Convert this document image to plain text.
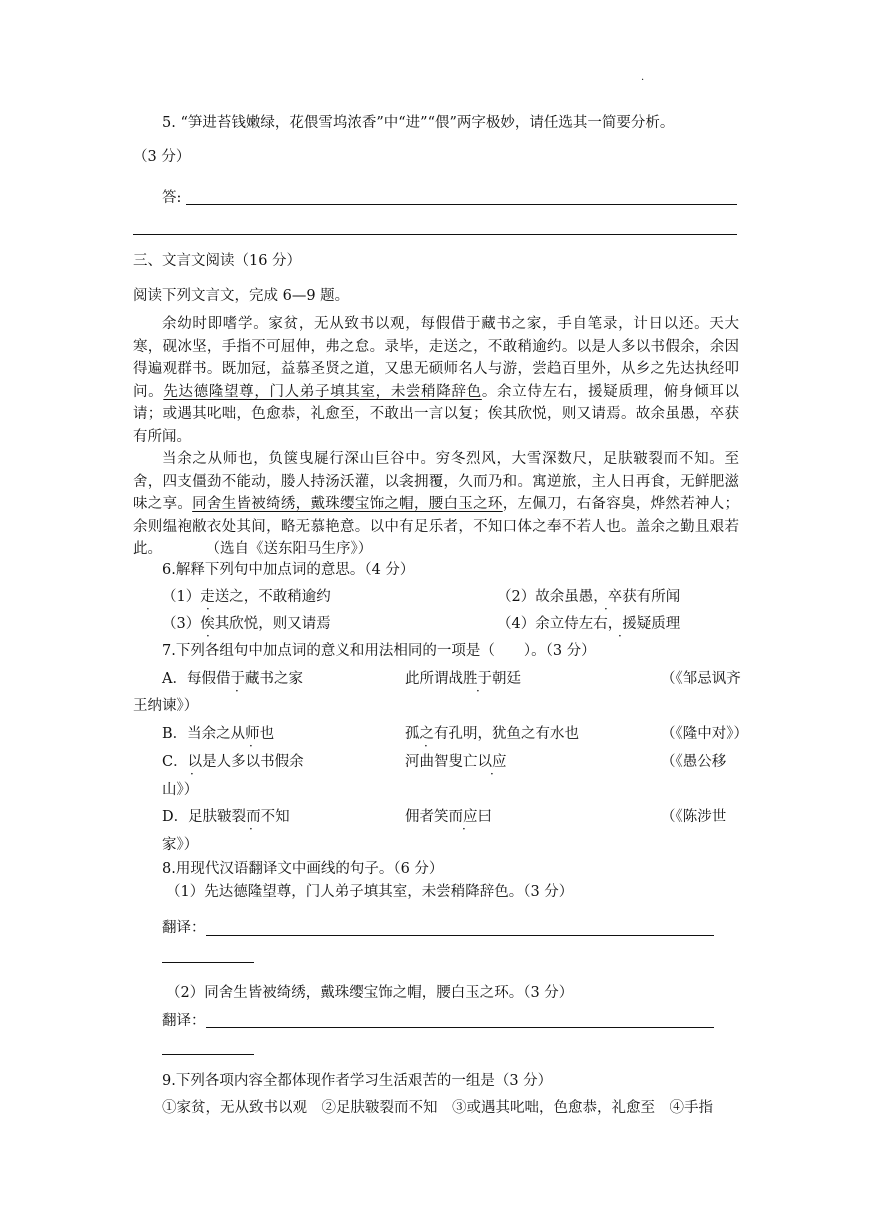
.
5. “笋进苔钱嫩绿，花偎雪坞浓香”中“进”“偎”两字极妙，请任选其一简要分析。
（3 分）
答:
三、文言文阅读（16 分）
阅读下列文言文，完成 6—9 题。
余幼时即嗜学。家贫，无从致书以观，每假借于藏书之家，手自笔录，计日以还。天大寒，砚冰坚，手指不可屈伸，弗之怠。录毕，走送之，不敢稍逾约。以是人多以书假余，余因得遍观群书。既加冠，益慕圣贤之道，又患无硕师名人与游，尝趋百里外，从乡之先达执经叩问。先达德隆望尊，门人弟子填其室，未尝稍降辞色。余立侍左右，援疑质理，俯身倾耳以请；或遇其叱咄，色愈恭，礼愈至，不敢出一言以复；俟其欣悦，则又请焉。故余虽愚，卒获有所闻。
当余之从师也，负箧曳屣行深山巨谷中。穷冬烈风，大雪深数尺，足肤皲裂而不知。至舍，四支僵劲不能动，媵人持汤沃灌，以衾拥覆，久而乃和。寓逆旅，主人日再食，无鲜肥滋味之享。同舍生皆被绮绣，戴珠缨宝饰之帽，腰白玉之环，左佩刀，右备容臭，烨然若神人；余则缊袍敝衣处其间，略无慕艳意。以中有足乐者，不知口体之奉不若人也。盖余之勤且艰若此。　　　　	（选自《送东阳马生序》）
6.解释下列句中加点词的意思。（4 分）
（1）走送之，不敢稍逾约	（2）故余虽愚，卒获有所闻
（3）俟其欣悦，则又请焉	（4）余立侍左右，援疑质理
·	·
·	·
7.下列各组句中加点词的意义和用法相同的一项是（　　）。（3 分）
A．每假借于藏书之家	此所谓战胜于朝廷	（《邹忌讽齐
王纳谏》）
B．当余之从师也	孤之有孔明，犹鱼之有水也	（《隆中对》）
C．以是人多以书假余	河曲智叟亡以应	（《愚公移
山》）
D．足肤皲裂而不知	佣者笑而应曰	（《陈涉世
家》）
·	·
·	·
·	·
·	·
8.用现代汉语翻译文中画线的句子。（6 分）
（1）先达德隆望尊，门人弟子填其室，未尝稍降辞色。（3 分）
翻译：
（2）同舍生皆被绮绣，戴珠缨宝饰之帽，腰白玉之环。（3 分）
翻译：
9.下列各项内容全都体现作者学习生活艰苦的一组是（3 分）
①家贫，无从致书以观　②足肤皲裂而不知　③或遇其叱咄，色愈恭，礼愈至　④手指
